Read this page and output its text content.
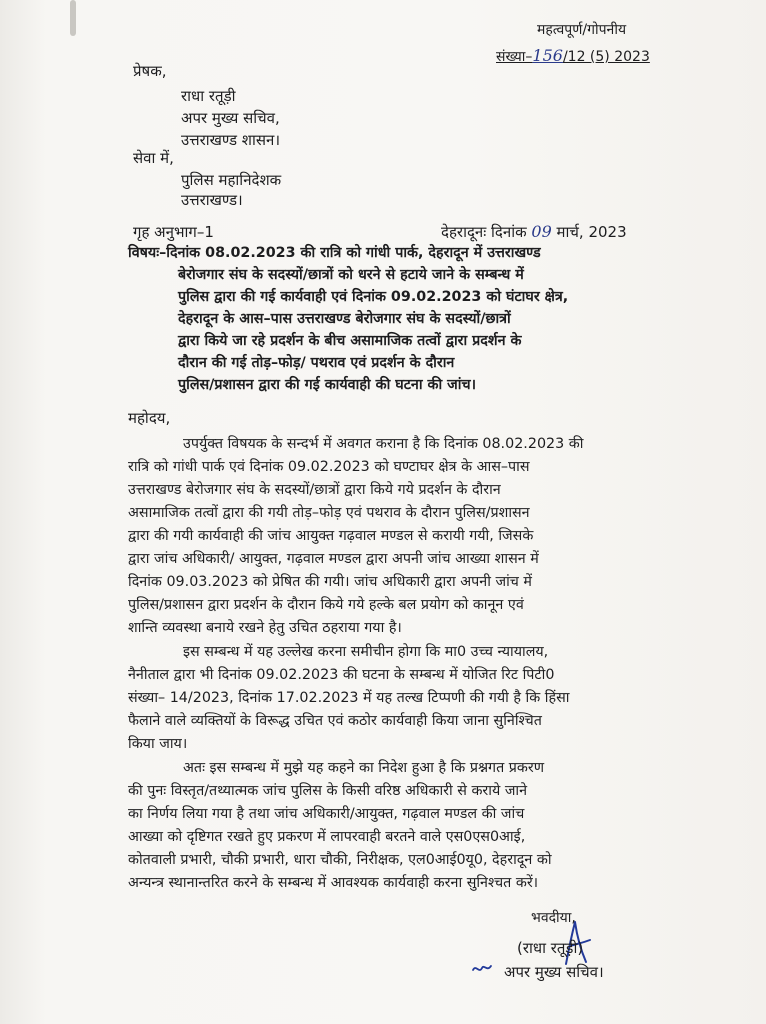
महत्वपूर्ण/गोपनीय
संख्या–156/12 (5) 2023
प्रेषक,
राधा रतूड़ी
अपर मुख्य सचिव,
उत्तराखण्ड शासन।
सेवा में,
पुलिस महानिदेशक
उत्तराखण्ड।
गृह अनुभाग–1	देहरादूनः दिनांक 09 मार्च, 2023
विषयः–दिनांक 08.02.2023 की रात्रि को गांधी पार्क, देहरादून में उत्तराखण्ड
बेरोजगार संघ के सदस्यों/छात्रों को धरने से हटाये जाने के सम्बन्ध में
पुलिस द्वारा की गई कार्यवाही एवं दिनांक 09.02.2023 को घंटाघर क्षेत्र,
देहरादून के आस–पास उत्तराखण्ड बेरोजगार संघ के सदस्यों/छात्रों
द्वारा किये जा रहे प्रदर्शन के बीच असामाजिक तत्वों द्वारा प्रदर्शन के
दौरान की गई तोड़–फोड़/ पथराव एवं प्रदर्शन के दौरान
पुलिस/प्रशासन द्वारा की गई कार्यवाही की घटना की जांच।
महोदय,
उपर्युक्त विषयक के सन्दर्भ में अवगत कराना है कि दिनांक 08.02.2023 की
रात्रि को गांधी पार्क एवं दिनांक 09.02.2023 को घण्टाघर क्षेत्र के आस–पास
उत्तराखण्ड बेरोजगार संघ के सदस्यों/छात्रों द्वारा किये गये प्रदर्शन के दौरान
असामाजिक तत्वों द्वारा की गयी तोड़–फोड़ एवं पथराव के दौरान पुलिस/प्रशासन
द्वारा की गयी कार्यवाही की जांच आयुक्त गढ़वाल मण्डल से करायी गयी, जिसके
द्वारा जांच अधिकारी/ आयुक्त, गढ़वाल मण्डल द्वारा अपनी जांच आख्या शासन में
दिनांक 09.03.2023 को प्रेषित की गयी। जांच अधिकारी द्वारा अपनी जांच में
पुलिस/प्रशासन द्वारा प्रदर्शन के दौरान किये गये हल्के बल प्रयोग को कानून एवं
शान्ति व्यवस्था बनाये रखने हेतु उचित ठहराया गया है।
इस सम्बन्ध में यह उल्लेख करना समीचीन होगा कि मा0 उच्च न्यायालय,
नैनीताल द्वारा भी दिनांक 09.02.2023 की घटना के सम्बन्ध में योजित रिट पिटी0
संख्या– 14/2023, दिनांक 17.02.2023 में यह तल्ख टिप्पणी की गयी है कि हिंसा
फैलाने वाले व्यक्तियों के विरूद्ध उचित एवं कठोर कार्यवाही किया जाना सुनिश्चित
किया जाय।
अतः इस सम्बन्ध में मुझे यह कहने का निदेश हुआ है कि प्रश्नगत प्रकरण
की पुनः विस्तृत/तथ्यात्मक जांच पुलिस के किसी वरिष्ठ अधिकारी से कराये जाने
का निर्णय लिया गया है तथा जांच अधिकारी/आयुक्त, गढ़वाल मण्डल की जांच
आख्या को दृष्टिगत रखते हुए प्रकरण में लापरवाही बरतने वाले एस0एस0आई,
कोतवाली प्रभारी, चौकी प्रभारी, धारा चौकी, निरीक्षक, एल0आई0यू0, देहरादून को
अन्यन्त्र स्थानान्तरित करने के सम्बन्ध में आवश्यक कार्यवाही करना सुनिश्चत करें।
भवदीया,
(राधा रतूड़ी)
अपर मुख्य सचिव।
